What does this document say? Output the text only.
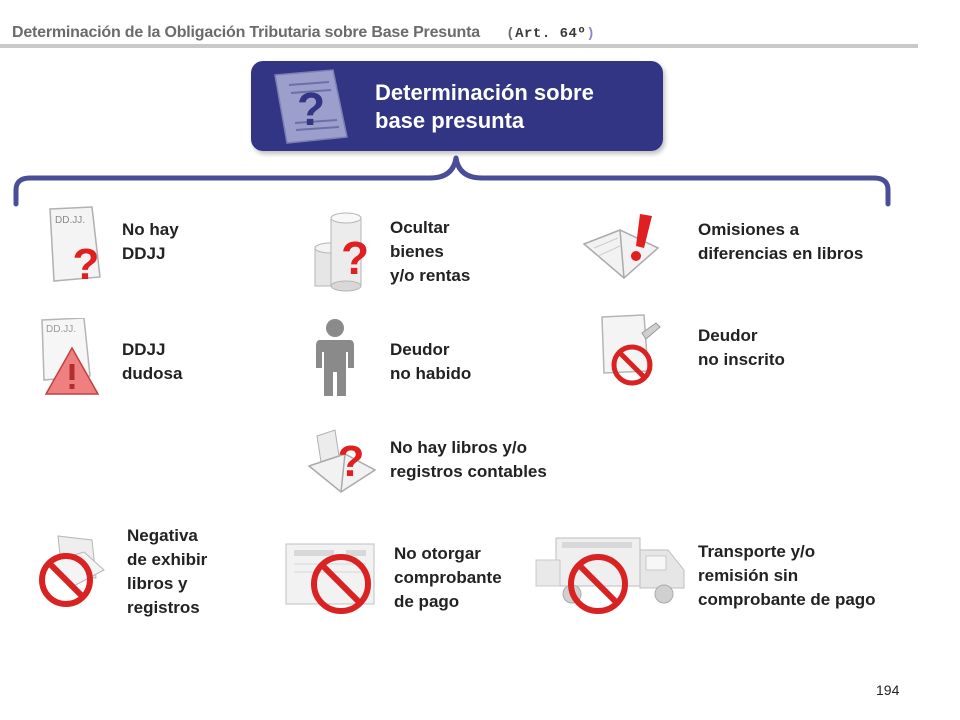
Determinación de la Obligación Tributaria sobre Base Presunta (Art. 64º)
? Determinación sobre
base presunta
DD.JJ.
?
No hay
DDJJ	?
Ocultar
bienes
y/o rentas
Omisiones a
diferencias en libros
DD.JJ.
DDJJ
dudosa
Deudor
no habido
Deudor
no inscrito
? No hay libros y/o
registros contables
Negativa
de exhibir
libros y
registros
No otorgar
comprobante
de pago
Transporte y/o
remisión sin
comprobante de pago
194
